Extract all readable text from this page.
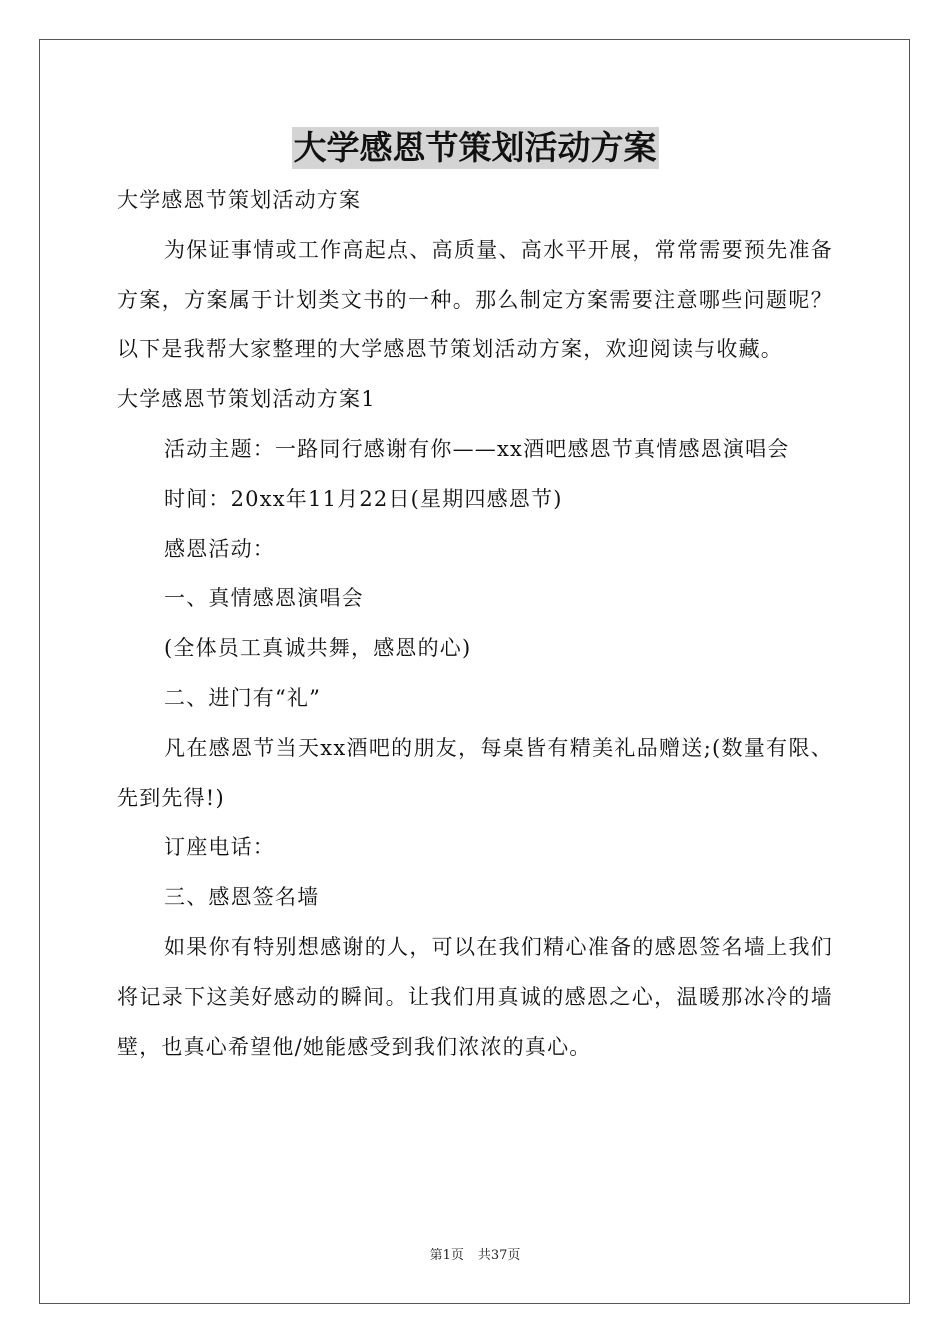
大学感恩节策划活动方案

大学感恩节策划活动方案

为保证事情或工作高起点、高质量、高水平开展，常常需要预先准备方案，方案属于计划类文书的一种。那么制定方案需要注意哪些问题呢？以下是我帮大家整理的大学感恩节策划活动方案，欢迎阅读与收藏。

大学感恩节策划活动方案1

活动主题：一路同行感谢有你——xx酒吧感恩节真情感恩演唱会

时间：20xx年11月22日(星期四感恩节)

感恩活动：

一、真情感恩演唱会

(全体员工真诚共舞，感恩的心)

二、进门有“礼”

凡在感恩节当天xx酒吧的朋友，每桌皆有精美礼品赠送;(数量有限、先到先得!)

订座电话：

三、感恩签名墙

如果你有特别想感谢的人，可以在我们精心准备的感恩签名墙上我们将记录下这美好感动的瞬间。让我们用真诚的感恩之心，温暖那冰冷的墙壁，也真心希望他/她能感受到我们浓浓的真心。

第1页 共37页
